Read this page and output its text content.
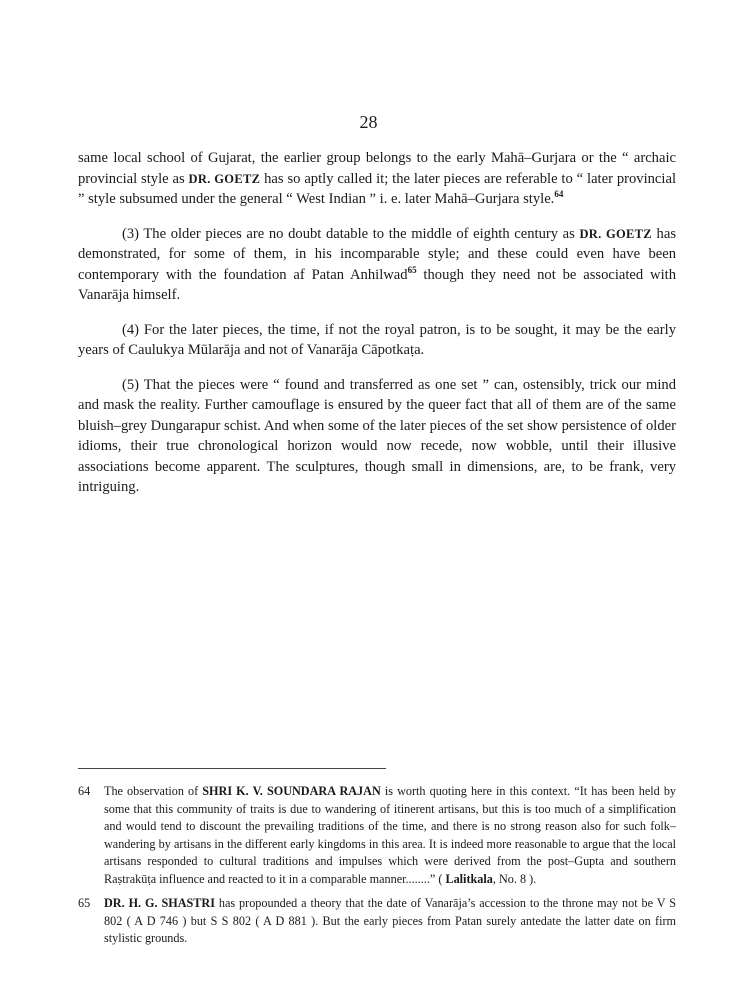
28

same local school of Gujarat, the earlier group belongs to the early Mahā–Gurjara or the “ archaic provincial style as DR. GOETZ has so aptly called it; the later pieces are referable to “ later provincial ” style subsumed under the general “ West Indian ” i. e. later Mahā–Gurjara style.$^{64}$

(3) The older pieces are no doubt datable to the middle of eighth century as DR. GOETZ has demonstrated, for some of them, in his incomparable style; and these could even have been contemporary with the foundation af Patan Anhilwad$^{65}$ though they need not be associated with Vanarāja himself.

(4) For the later pieces, the time, if not the royal patron, is to be sought, it may be the early years of Caulukya Mūlarāja and not of Vanarāja Cāpotkaṭa.

(5) That the pieces were “ found and transferred as one set ” can, ostensibly, trick our mind and mask the reality. Further camouflage is ensured by the queer fact that all of them are of the same bluish–grey Dungarapur schist. And when some of the later pieces of the set show persistence of older idioms, their true chronological horizon would now recede, now wobble, until their illusive associations become apparent. The sculptures, though small in dimensions, are, to be frank, very intriguing.

64 The observation of SHRI K. V. SOUNDARA RAJAN is worth quoting here in this context. “It has been held by some that this community of traits is due to wandering of itinerent artisans, but this is too much of a simplification and would tend to discount the prevailing traditions of the time, and there is no strong reason also for such folk–wandering by artisans in the different early kingdoms in this area. It is indeed more reasonable to argue that the local artisans responded to cultural traditions and impulses which were derived from the post–Gupta and southern Raṣtrakūṭa influence and reacted to it in a comparable manner........” ( Lalitkala, No. 8 ).
65 DR. H. G. SHASTRI has propounded a theory that the date of Vanarāja’s accession to the throne may not be V S 802 ( A D 746 ) but S S 802 ( A D 881 ). But the early pieces from Patan surely antedate the latter date on firm stylistic grounds.
